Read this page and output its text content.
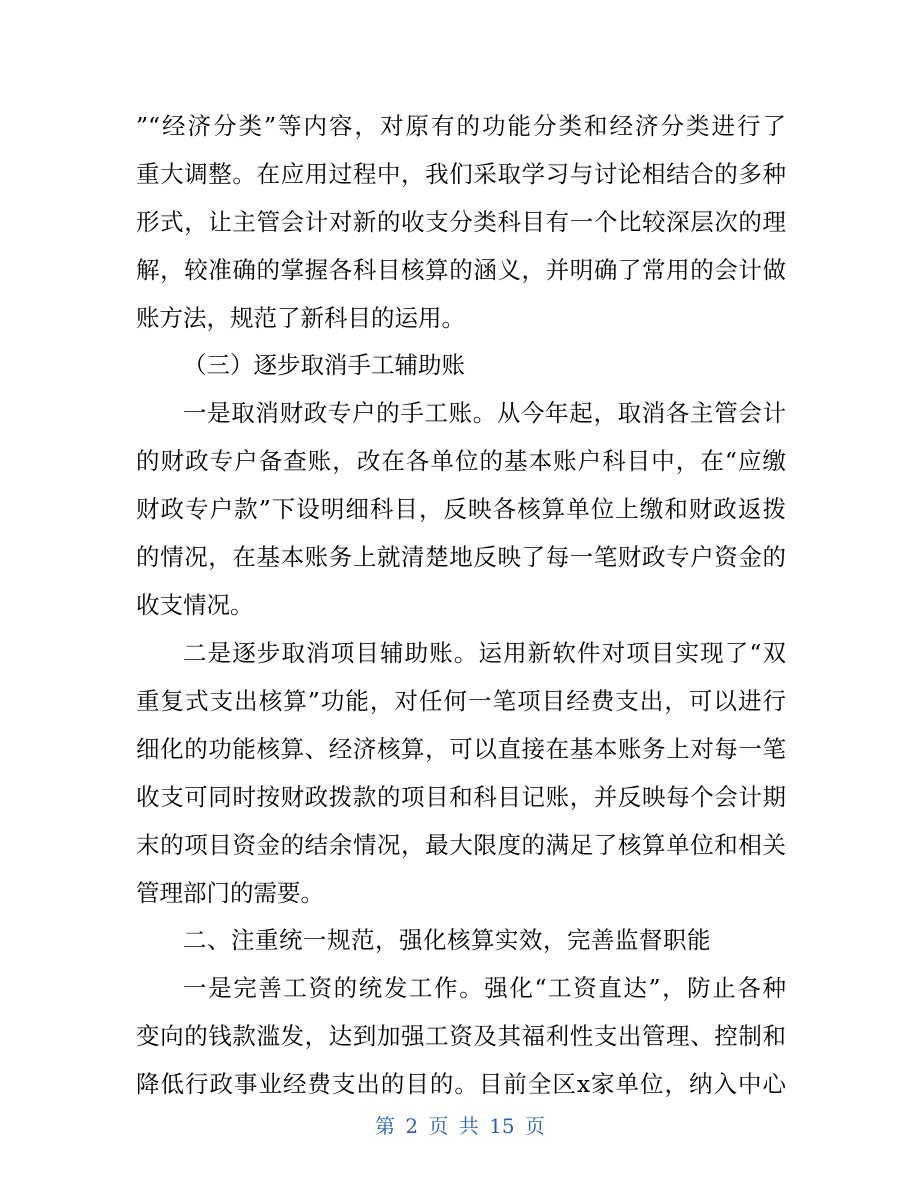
”“经济分类”等内容，对原有的功能分类和经济分类进行了
重大调整。在应用过程中，我们采取学习与讨论相结合的多种
形式，让主管会计对新的收支分类科目有一个比较深层次的理
解，较准确的掌握各科目核算的涵义，并明确了常用的会计做
账方法，规范了新科目的运用。
（三）逐步取消手工辅助账
一是取消财政专户的手工账。从今年起，取消各主管会计
的财政专户备查账，改在各单位的基本账户科目中，在“应缴
财政专户款”下设明细科目，反映各核算单位上缴和财政返拨
的情况，在基本账务上就清楚地反映了每一笔财政专户资金的
收支情况。
二是逐步取消项目辅助账。运用新软件对项目实现了“双
重复式支出核算”功能，对任何一笔项目经费支出，可以进行
细化的功能核算、经济核算，可以直接在基本账务上对每一笔
收支可同时按财政拨款的项目和科目记账，并反映每个会计期
末的项目资金的结余情况，最大限度的满足了核算单位和相关
管理部门的需要。
二、注重统一规范，强化核算实效，完善监督职能
一是完善工资的统发工作。强化“工资直达”，防止各种
变向的钱款滥发，达到加强工资及其福利性支出管理、控制和
降低行政事业经费支出的目的。目前全区x家单位，纳入中心
第 2 页 共 15 页
